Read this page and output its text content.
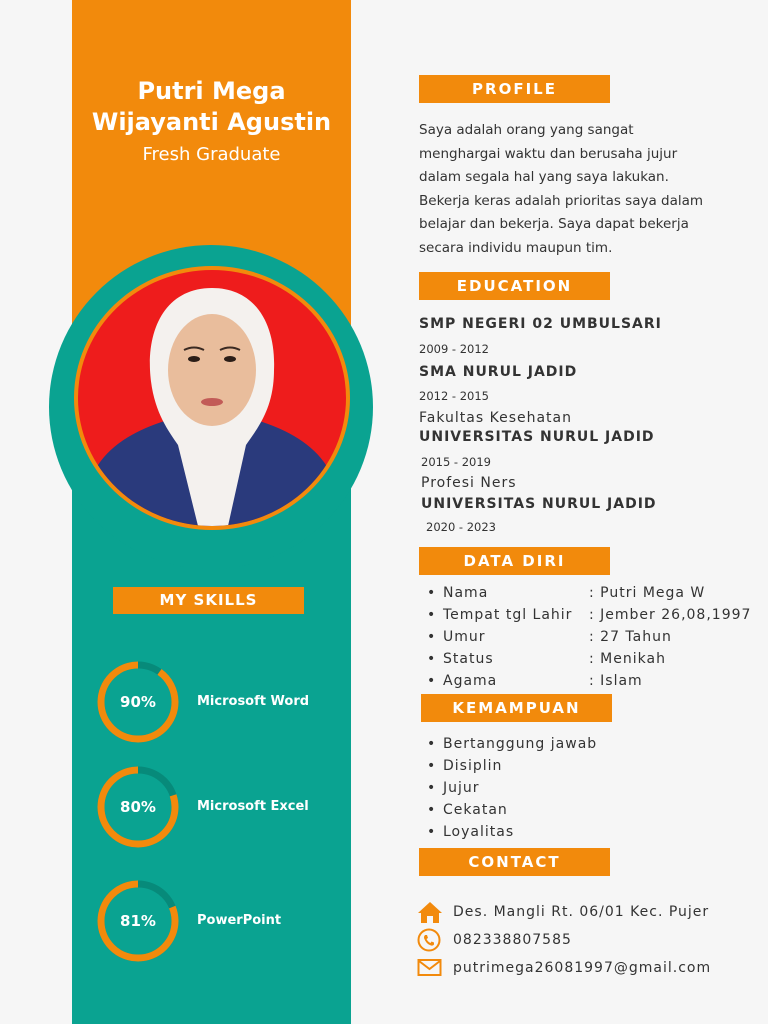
Putri Mega
Wijayanti Agustin
Fresh Graduate
MY SKILLS
90%	Microsoft Word
80%	Microsoft Excel
81%	PowerPoint
PROFILE
Saya adalah orang yang sangat menghargai waktu dan berusaha jujur dalam segala hal yang saya lakukan. Bekerja keras adalah prioritas saya dalam belajar dan bekerja. Saya dapat bekerja secara individu maupun tim.
EDUCATION
SMP NEGERI 02 UMBULSARI
2009 - 2012
SMA NURUL JADID
2012 - 2015
Fakultas Kesehatan
UNIVERSITAS NURUL JADID
2015 - 2019
Profesi Ners
UNIVERSITAS NURUL JADID
2020 - 2023
DATA DIRI
• Nama	: Putri Mega W
• Tempat tgl Lahir : Jember 26,08,1997
• Umur	: 27 Tahun
• Status	: Menikah
• Agama	: Islam
KEMAMPUAN
• Bertanggung jawab
• Disiplin
• Jujur
• Cekatan
• Loyalitas
CONTACT
Des. Mangli Rt. 06/01 Kec. Pujer
082338807585
putrimega26081997@gmail.com
